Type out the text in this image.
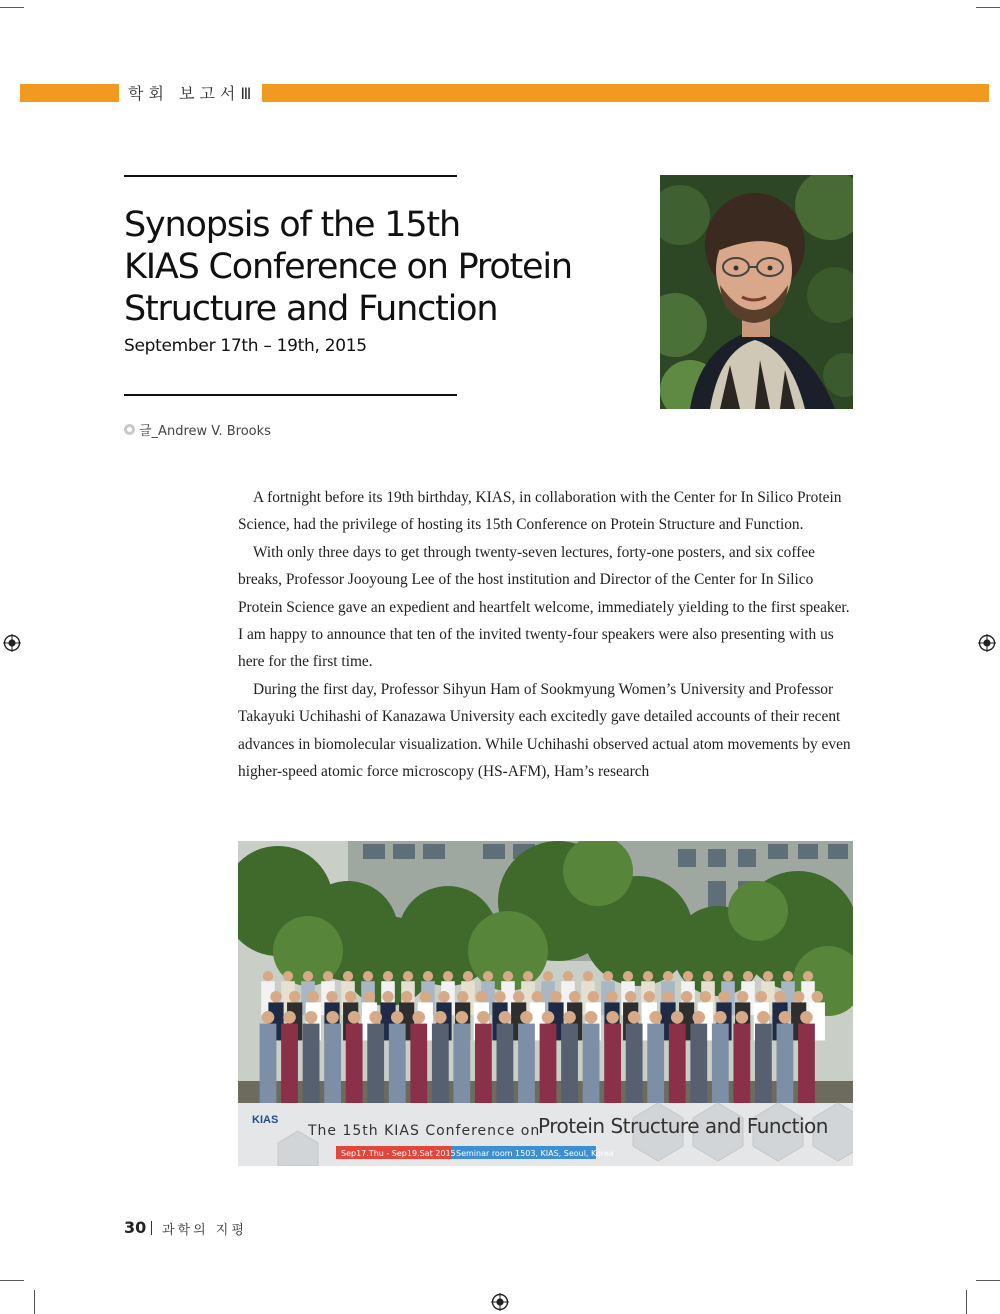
학회 보고서Ⅲ
Synopsis of the 15th
KIAS Conference on Protein
Structure and Function
September 17th – 19th, 2015
글_Andrew V. Brooks

A fortnight before its 19th birthday, KIAS, in collaboration with the Center for In Silico Protein Science, had the privilege of hosting its 15th Conference on Protein Structure and Function.

With only three days to get through twenty-seven lectures, forty-one posters, and six coffee breaks, Professor Jooyoung Lee of the host institution and Director of the Center for In Silico Protein Science gave an expedient and heartfelt welcome, immediately yielding to the first speaker. I am happy to announce that ten of the invited twenty-four speakers were also presenting with us here for the first time.

During the first day, Professor Sihyun Ham of Sookmyung Women’s University and Professor Takayuki Uchihashi of Kanazawa University each excitedly gave detailed accounts of their recent advances in biomolecular visualization. While Uchihashi observed actual atom movements by even higher-speed atomic force microscopy (HS-AFM), Ham’s research

KIAS
The 15th KIAS Conference on
Protein Structure and Function
Sep17.Thu - Sep19.Sat 2015 Seminar room 1503, KIAS, Seoul, Korea
30 과학의 지평
